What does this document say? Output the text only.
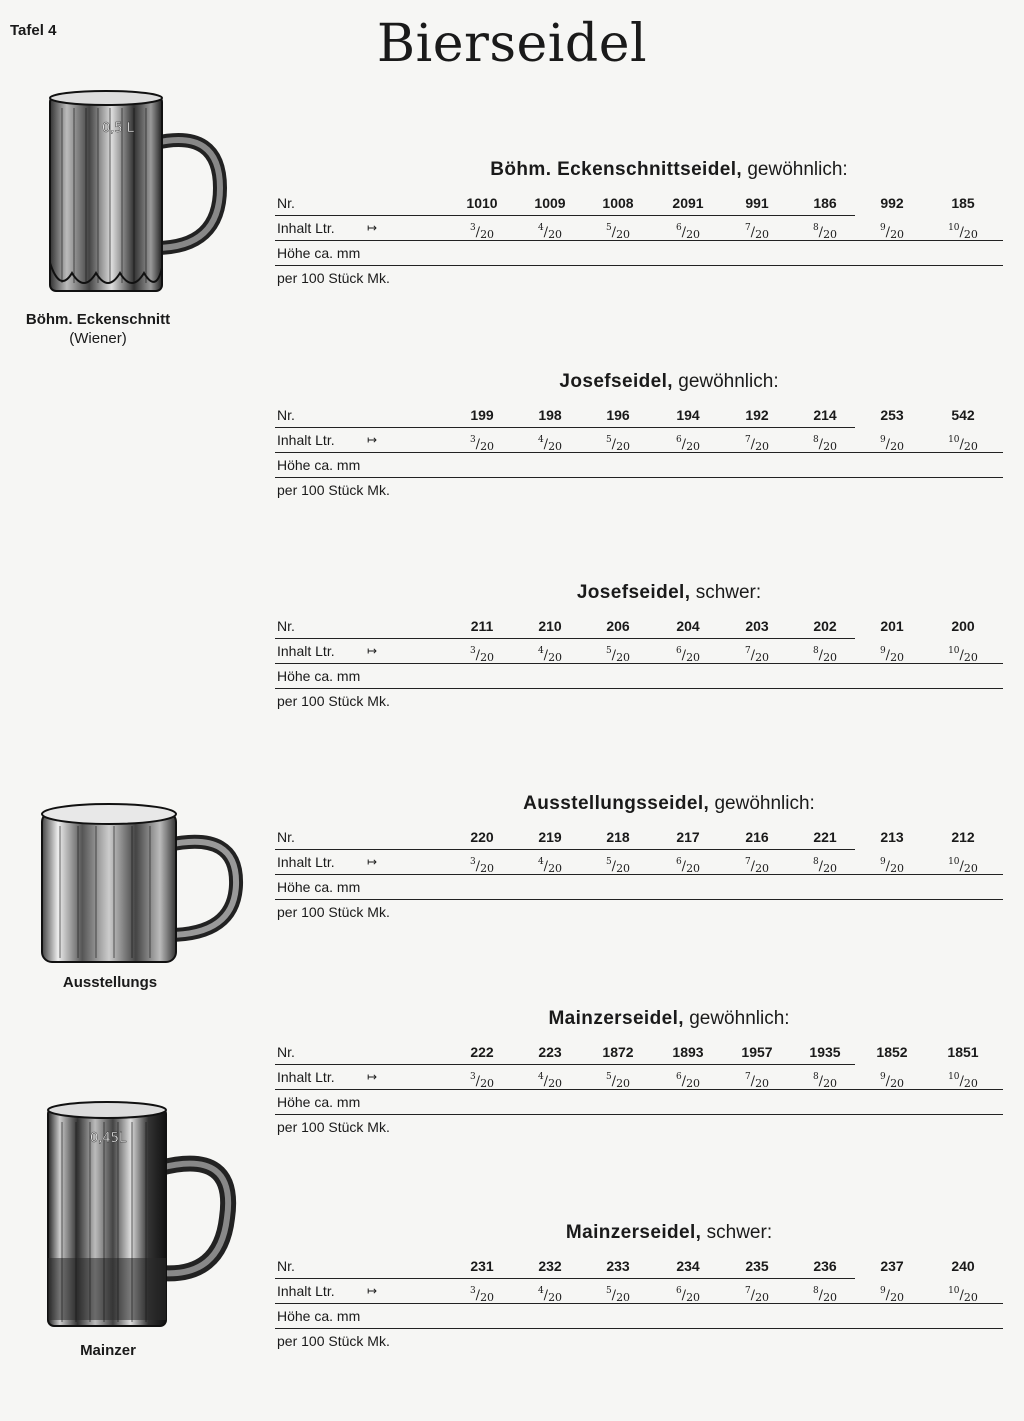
Tafel 4	Bierseidel
0,5 L
Böhm. Eckenschnitt
(Wiener)
Ausstellungs
0,45L
Mainzer
Böhm. Eckenschnittseidel, gewöhnlich:
Nr.	1010	1009	1008	2091	991	186	992	185
Inhalt Ltr.	↦	$^3/_{20}$	$^4/_{20}$	$^5/_{20}$	$^6/_{20}$	$^7/_{20}$	$^8/_{20}$	$^9/_{20}$	$^{10}/_{20}$
Höhe ca. mm
per 100 Stück Mk.
Josefseidel, gewöhnlich:
Nr.	199	198	196	194	192	214	253	542
Inhalt Ltr.	↦	$^3/_{20}$	$^4/_{20}$	$^5/_{20}$	$^6/_{20}$	$^7/_{20}$	$^8/_{20}$	$^9/_{20}$	$^{10}/_{20}$
Höhe ca. mm
per 100 Stück Mk.
Josefseidel, schwer:
Nr.	211	210	206	204	203	202	201	200
Inhalt Ltr.	↦	$^3/_{20}$	$^4/_{20}$	$^5/_{20}$	$^6/_{20}$	$^7/_{20}$	$^8/_{20}$	$^9/_{20}$	$^{10}/_{20}$
Höhe ca. mm
per 100 Stück Mk.
Ausstellungsseidel, gewöhnlich:
Nr.	220	219	218	217	216	221	213	212
Inhalt Ltr.	↦	$^3/_{20}$	$^4/_{20}$	$^5/_{20}$	$^6/_{20}$	$^7/_{20}$	$^8/_{20}$	$^9/_{20}$	$^{10}/_{20}$
Höhe ca. mm
per 100 Stück Mk.
Mainzerseidel, gewöhnlich:
Nr.	222	223	1872	1893	1957	1935	1852	1851
Inhalt Ltr.	↦	$^3/_{20}$	$^4/_{20}$	$^5/_{20}$	$^6/_{20}$	$^7/_{20}$	$^8/_{20}$	$^9/_{20}$	$^{10}/_{20}$
Höhe ca. mm
per 100 Stück Mk.
Mainzerseidel, schwer:
Nr.	231	232	233	234	235	236	237	240
Inhalt Ltr.	↦	$^3/_{20}$	$^4/_{20}$	$^5/_{20}$	$^6/_{20}$	$^7/_{20}$	$^8/_{20}$	$^9/_{20}$	$^{10}/_{20}$
Höhe ca. mm
per 100 Stück Mk.
